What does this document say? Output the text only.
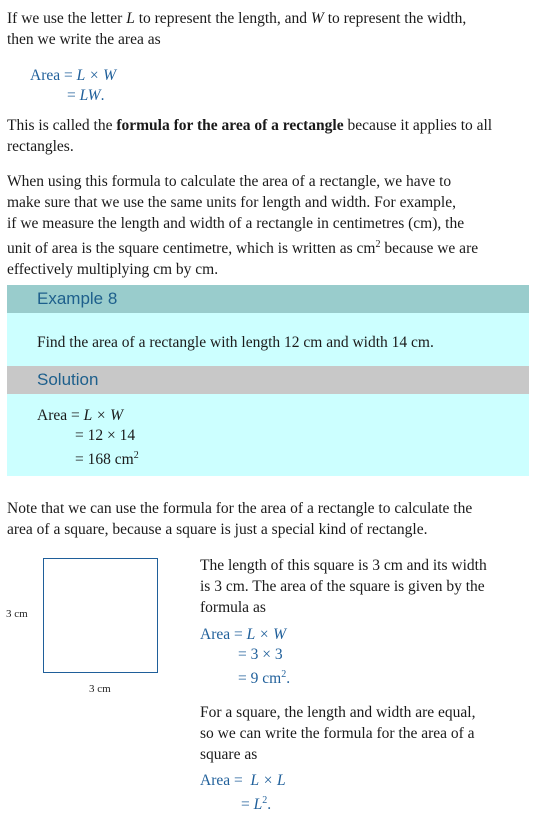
If we use the letter L to represent the length, and W to represent the width,
then we write the area as

Area = L × W
= LW.

This is called the formula for the area of a rectangle because it applies to all
rectangles.

When using this formula to calculate the area of a rectangle, we have to
make sure that we use the same units for length and width. For example,
if we measure the length and width of a rectangle in centimetres (cm), the
unit of area is the square centimetre, which is written as $cm^2$ because we are
effectively multiplying cm by cm.

Example 8
Find the area of a rectangle with length 12 cm and width 14 cm.
Solution
Area = L × W
= 12 × 14
= 168 $cm^2$

Note that we can use the formula for the area of a rectangle to calculate the
area of a square, because a square is just a special kind of rectangle.

3 cm
3 cm

The length of this square is 3 cm and its width
is 3 cm. The area of the square is given by the
formula as

Area = L × W
= 3 × 3
= 9 $cm^2$.

For a square, the length and width are equal,
so we can write the formula for the area of a
square as

Area =  L × L
= $L^2$.
